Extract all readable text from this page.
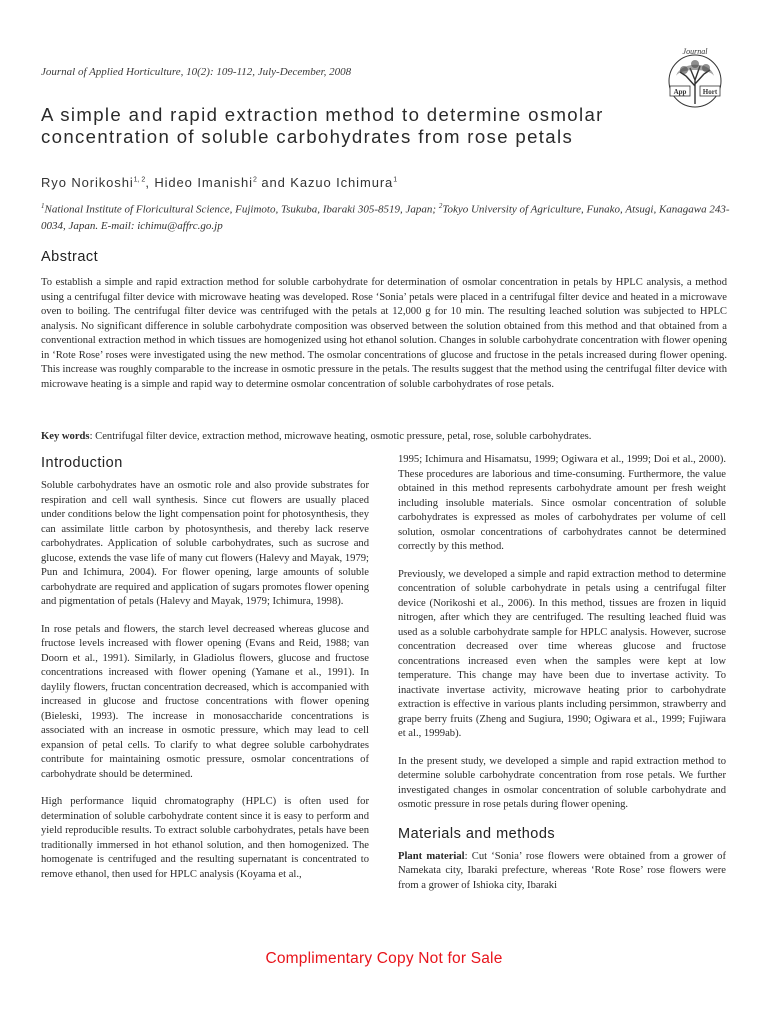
Journal of Applied Horticulture, 10(2): 109-112, July-December, 2008
Journal
App Hort
A simple and rapid extraction method to determine osmolar concentration of soluble carbohydrates from rose petals
Ryo Norikoshi$^{1, 2}$, Hideo Imanishi$^2$ and Kazuo Ichimura$^1$
$^1$National Institute of Floricultural Science, Fujimoto, Tsukuba, Ibaraki 305-8519, Japan; $^2$Tokyo University of Agriculture, Funako, Atsugi, Kanagawa 243-0034, Japan. E-mail: ichimu@affrc.go.jp
Abstract

To establish a simple and rapid extraction method for soluble carbohydrate for determination of osmolar concentration in petals by HPLC analysis, a method using a centrifugal filter device with microwave heating was developed. Rose ‘Sonia’ petals were placed in a centrifugal filter device and heated in a microwave oven to boiling. The centrifugal filter device was centrifuged with the petals at 12,000 g for 10 min. The resulting leached solution was subjected to HPLC analysis. No significant difference in soluble carbohydrate composition was observed between the solution obtained from this method and that obtained from a conventional extraction method in which tissues are homogenized using hot ethanol solution. Changes in soluble carbohydrate concentration with flower opening in ‘Rote Rose’ roses were investigated using the new method. The osmolar concentrations of glucose and fructose in the petals increased during flower opening. This increase was roughly comparable to the increase in osmotic pressure in the petals. The results suggest that the method using the centrifugal filter device with microwave heating is a simple and rapid way to determine osmolar concentration of soluble carbohydrates of rose petals.

Key words: Centrifugal filter device, extraction method, microwave heating, osmotic pressure, petal, rose, soluble carbohydrates.

Introduction

Soluble carbohydrates have an osmotic role and also provide substrates for respiration and cell wall synthesis. Since cut flowers are usually placed under conditions below the light compensation point for photosynthesis, they can assimilate little carbon by photosynthesis, and thereby lack reserve carbohydrates. Application of soluble carbohydrates, such as sucrose and glucose, extends the vase life of many cut flowers (Halevy and Mayak, 1979; Pun and Ichimura, 2004). For flower opening, large amounts of soluble carbohydrate are required and application of sugars promotes flower opening and pigmentation of petals (Halevy and Mayak, 1979; Ichimura, 1998).

In rose petals and flowers, the starch level decreased whereas glucose and fructose levels increased with flower opening (Evans and Reid, 1988; van Doorn et al., 1991). Similarly, in Gladiolus flowers, glucose and fructose concentrations increased with flower opening (Yamane et al., 1991). In daylily flowers, fructan concentration decreased, which is accompanied with increased in glucose and fructose concentrations with flower opening (Bieleski, 1993). The increase in monosaccharide concentrations is associated with an increase in osmotic pressure, which may lead to cell expansion of petal cells. To clarify to what degree soluble carbohydrates contribute for maintaining osmotic pressure, osmolar concentrations of carbohydrate should be determined.

High performance liquid chromatography (HPLC) is often used for determination of soluble carbohydrate content since it is easy to perform and yield reproducible results. To extract soluble carbohydrates, petals have been traditionally immersed in hot ethanol solution, and then homogenized. The homogenate is centrifuged and the resulting supernatant is concentrated to remove ethanol, then used for HPLC analysis (Koyama et al.,

1995; Ichimura and Hisamatsu, 1999; Ogiwara et al., 1999; Doi et al., 2000). These procedures are laborious and time-consuming. Furthermore, the value obtained in this method represents carbohydrate amount per fresh weight including insoluble materials. Since osmolar concentration of soluble carbohydrates is expressed as moles of carbohydrates per volume of cell solution, osmolar concentrations of carbohydrates cannot be determined correctly by this method.

Previously, we developed a simple and rapid extraction method to determine concentration of soluble carbohydrate in petals using a centrifugal filter device (Norikoshi et al., 2006). In this method, tissues are frozen in liquid nitrogen, after which they are centrifuged. The resulting leached fluid was used as a soluble carbohydrate sample for HPLC analysis. However, sucrose concentration decreased over time whereas glucose and fructose concentrations increased even when the samples were kept at low temperature. This change may have been due to invertase activity. To inactivate invertase activity, microwave heating prior to carbohydrate extraction is effective in various plants including persimmon, strawberry and grape berry fruits (Zheng and Sugiura, 1990; Ogiwara et al., 1999; Fujiwara et al., 1999ab).

In the present study, we developed a simple and rapid extraction method to determine soluble carbohydrate concentration from rose petals. We further investigated changes in osmolar concentration of soluble carbohydrate and osmotic pressure in rose petals during flower opening.

Materials and methods

Plant material: Cut ‘Sonia’ rose flowers were obtained from a grower of Namekata city, Ibaraki prefecture, whereas ‘Rote Rose’ rose flowers were from a grower of Ishioka city, Ibaraki

Complimentary Copy Not for Sale
